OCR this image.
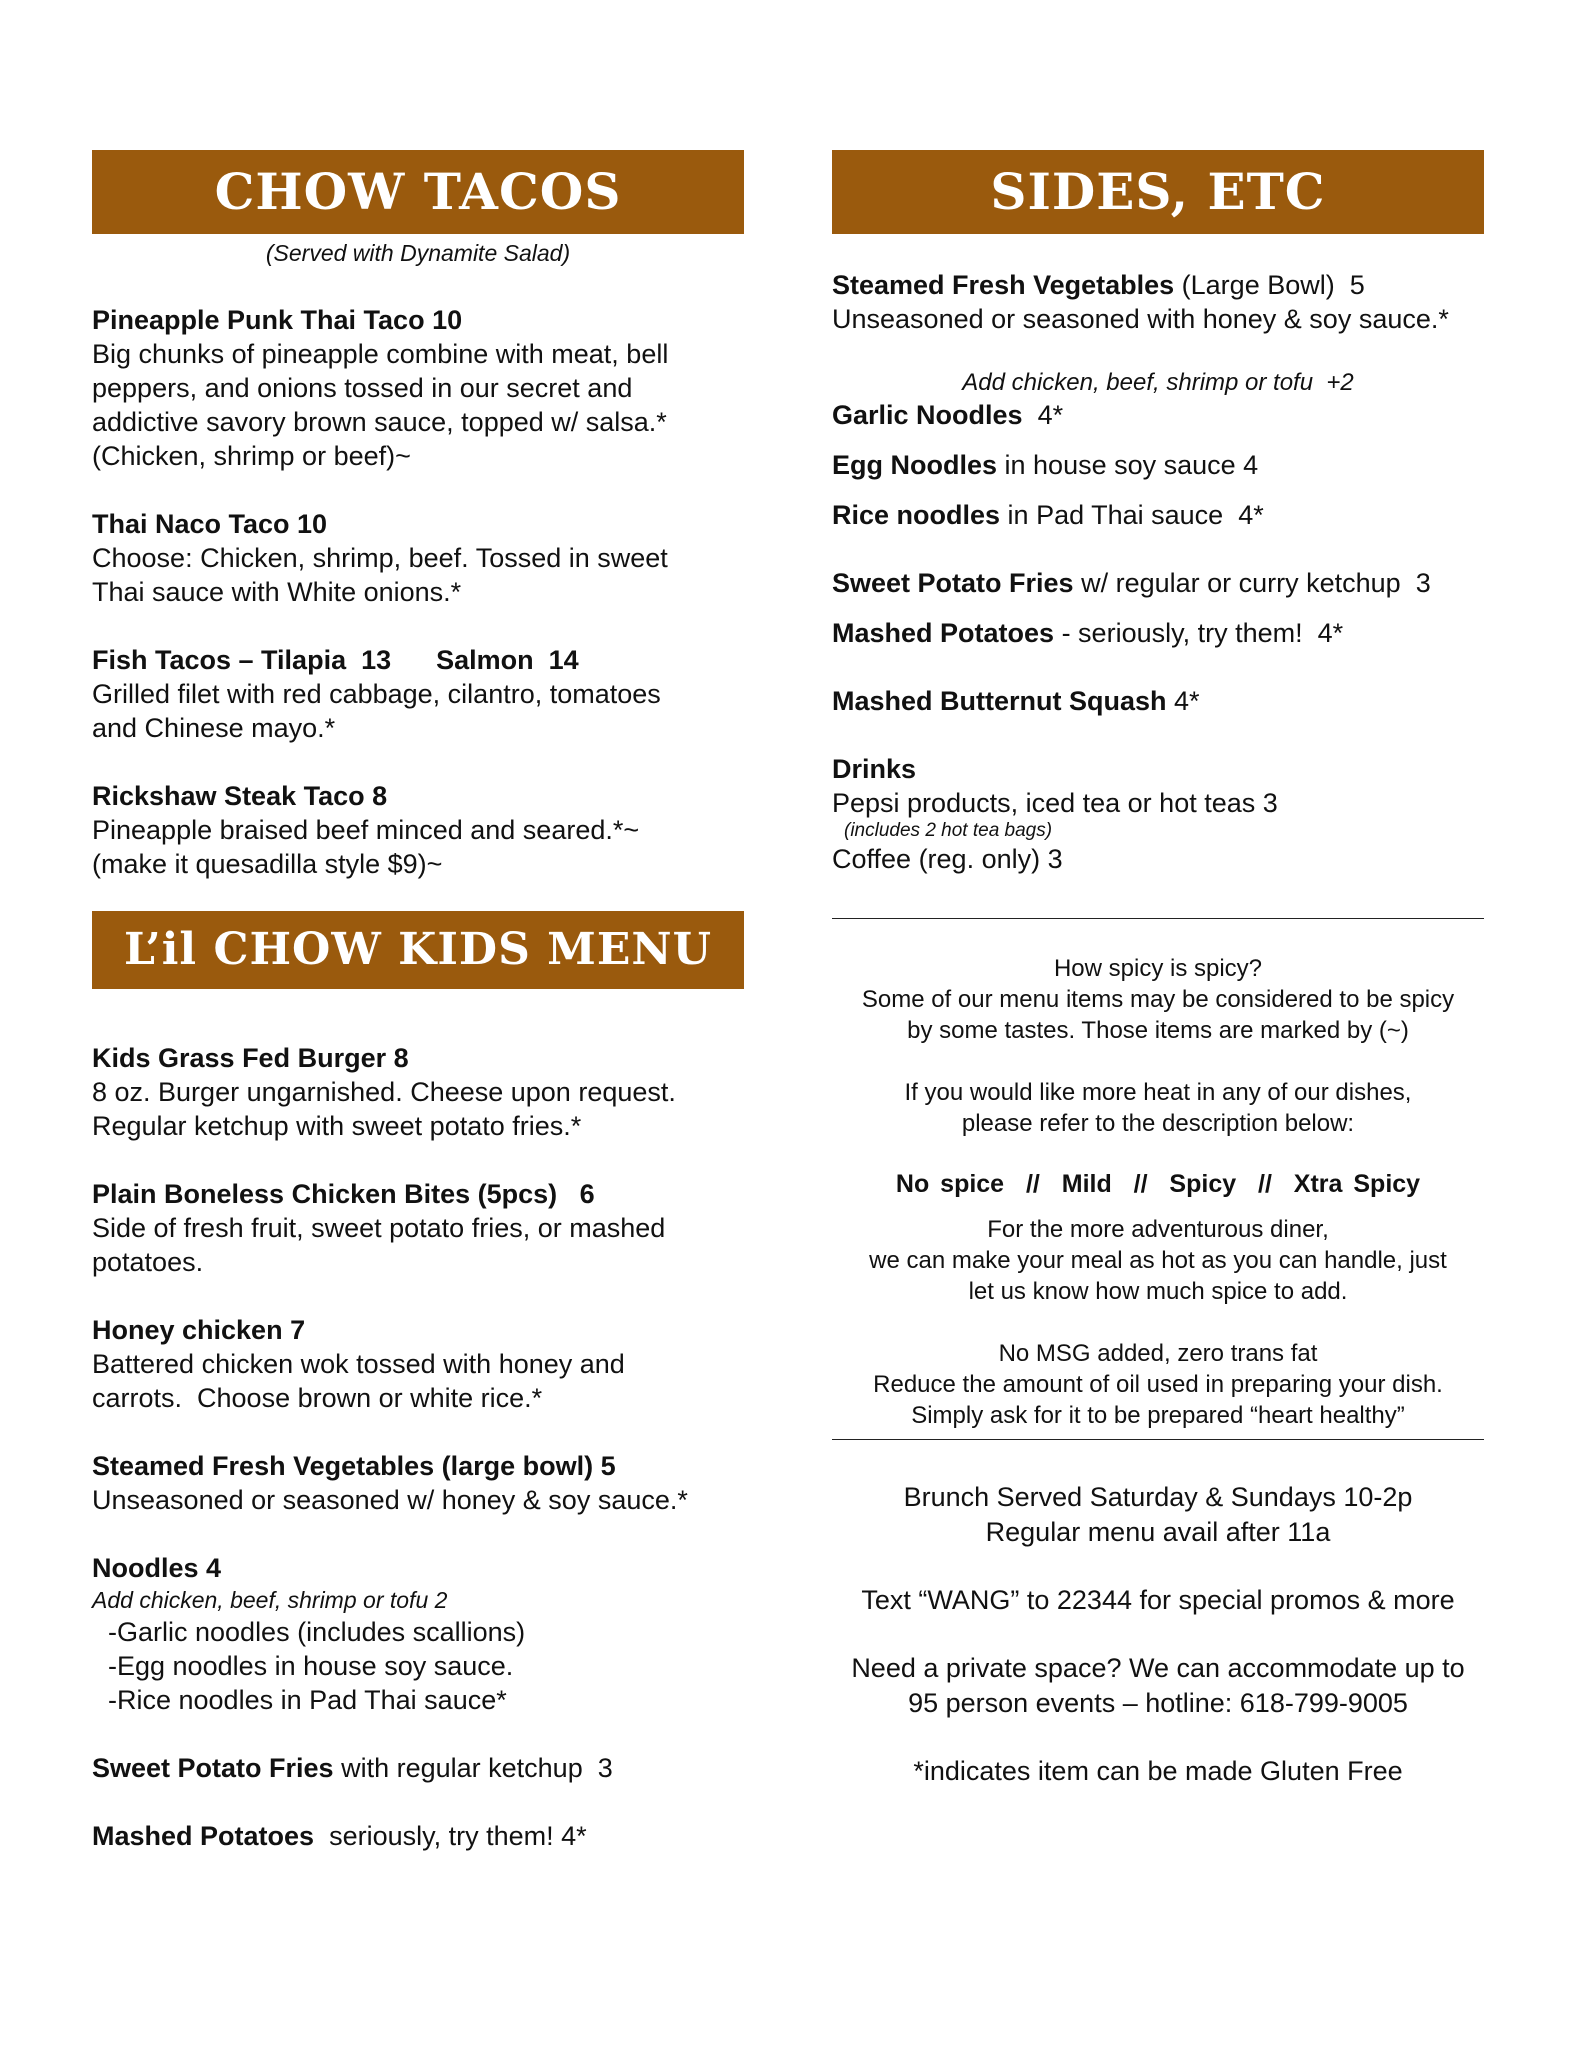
CHOW TACOS
(Served with Dynamite Salad)
Pineapple Punk Thai Taco 10
Big chunks of pineapple combine with meat, bell
peppers, and onions tossed in our secret and
addictive savory brown sauce, topped w/ salsa.*
(Chicken, shrimp or beef)~
Thai Naco Taco 10
Choose: Chicken, shrimp, beef. Tossed in sweet
Thai sauce with White onions.*
Fish Tacos – Tilapia  13      Salmon  14
Grilled filet with red cabbage, cilantro, tomatoes
and Chinese mayo.*
Rickshaw Steak Taco 8
Pineapple braised beef minced and seared.*~
(make it quesadilla style $9)~
L’il CHOW KIDS MENU
Kids Grass Fed Burger 8
8 oz. Burger ungarnished. Cheese upon request.
Regular ketchup with sweet potato fries.*
Plain Boneless Chicken Bites (5pcs)   6
Side of fresh fruit, sweet potato fries, or mashed
potatoes.
Honey chicken 7
Battered chicken wok tossed with honey and
carrots.  Choose brown or white rice.*
Steamed Fresh Vegetables (large bowl) 5
Unseasoned or seasoned w/ honey & soy sauce.*
Noodles 4
Add chicken, beef, shrimp or tofu 2
-Garlic noodles (includes scallions)
-Egg noodles in house soy sauce.
-Rice noodles in Pad Thai sauce*
Sweet Potato Fries with regular ketchup  3
Mashed Potatoes  seriously, try them! 4*
SIDES, ETC
Steamed Fresh Vegetables (Large Bowl)  5
Unseasoned or seasoned with honey & soy sauce.*
Add chicken, beef, shrimp or tofu  +2
Garlic Noodles  4*
Egg Noodles in house soy sauce 4
Rice noodles in Pad Thai sauce  4*
Sweet Potato Fries w/ regular or curry ketchup  3
Mashed Potatoes - seriously, try them!  4*
Mashed Butternut Squash 4*
Drinks
Pepsi products, iced tea or hot teas 3
(includes 2 hot tea bags)
Coffee (reg. only) 3
How spicy is spicy?
Some of our menu items may be considered to be spicy
by some tastes. Those items are marked by (~)
If you would like more heat in any of our dishes,
please refer to the description below:
No spice  //  Mild  //  Spicy  //  Xtra Spicy
For the more adventurous diner,
we can make your meal as hot as you can handle, just
let us know how much spice to add.
No MSG added, zero trans fat
Reduce the amount of oil used in preparing your dish.
Simply ask for it to be prepared “heart healthy”
Brunch Served Saturday & Sundays 10-2p
Regular menu avail after 11a
Text “WANG” to 22344 for special promos & more
Need a private space? We can accommodate up to
95 person events – hotline: 618-799-9005
*indicates item can be made Gluten Free
